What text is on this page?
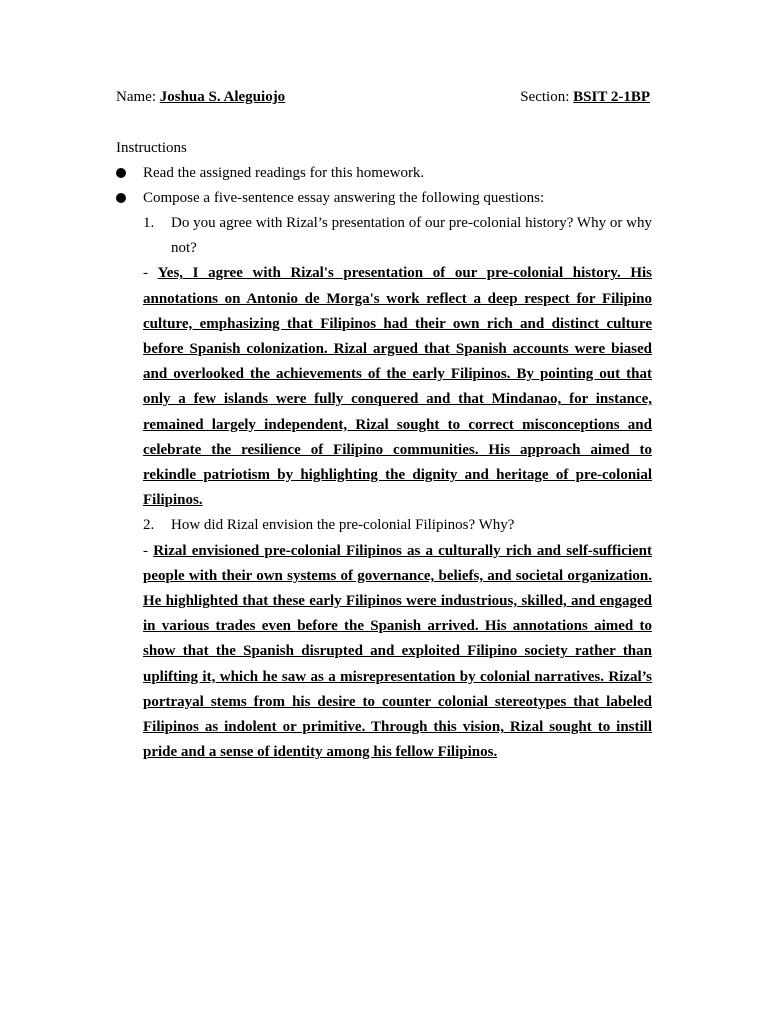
Name: Joshua S. Aleguiojo	Section: BSIT 2-1BP
Instructions
Read the assigned readings for this homework.
Compose a five-sentence essay answering the following questions:
1. Do you agree with Rizal’s presentation of our pre-colonial history? Why or why not?
- Yes, I agree with Rizal's presentation of our pre-colonial history. His annotations on Antonio de Morga's work reflect a deep respect for Filipino culture, emphasizing that Filipinos had their own rich and distinct culture before Spanish colonization. Rizal argued that Spanish accounts were biased and overlooked the achievements of the early Filipinos. By pointing out that only a few islands were fully conquered and that Mindanao, for instance, remained largely independent, Rizal sought to correct misconceptions and celebrate the resilience of Filipino communities. His approach aimed to rekindle patriotism by highlighting the dignity and heritage of pre-colonial Filipinos.
2. How did Rizal envision the pre-colonial Filipinos? Why?
- Rizal envisioned pre-colonial Filipinos as a culturally rich and self-sufficient people with their own systems of governance, beliefs, and societal organization. He highlighted that these early Filipinos were industrious, skilled, and engaged in various trades even before the Spanish arrived. His annotations aimed to show that the Spanish disrupted and exploited Filipino society rather than uplifting it, which he saw as a misrepresentation by colonial narratives. Rizal’s portrayal stems from his desire to counter colonial stereotypes that labeled Filipinos as indolent or primitive. Through this vision, Rizal sought to instill pride and a sense of identity among his fellow Filipinos.
